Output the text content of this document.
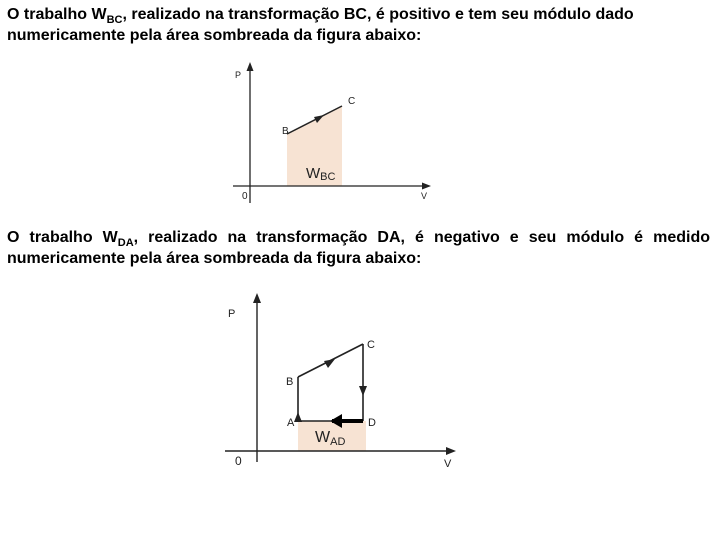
O trabalho $W_{BC}$, realizado na transformação BC, é positivo e tem seu módulo dado numericamente pela área sombreada da figura abaixo:
P
V
0
B
C
WBC
O trabalho $W_{DA}$, realizado na transformação DA, é negativo e seu módulo é medido numericamente pela área sombreada da figura abaixo:
P
V
0
B
C
D
A
WAD
